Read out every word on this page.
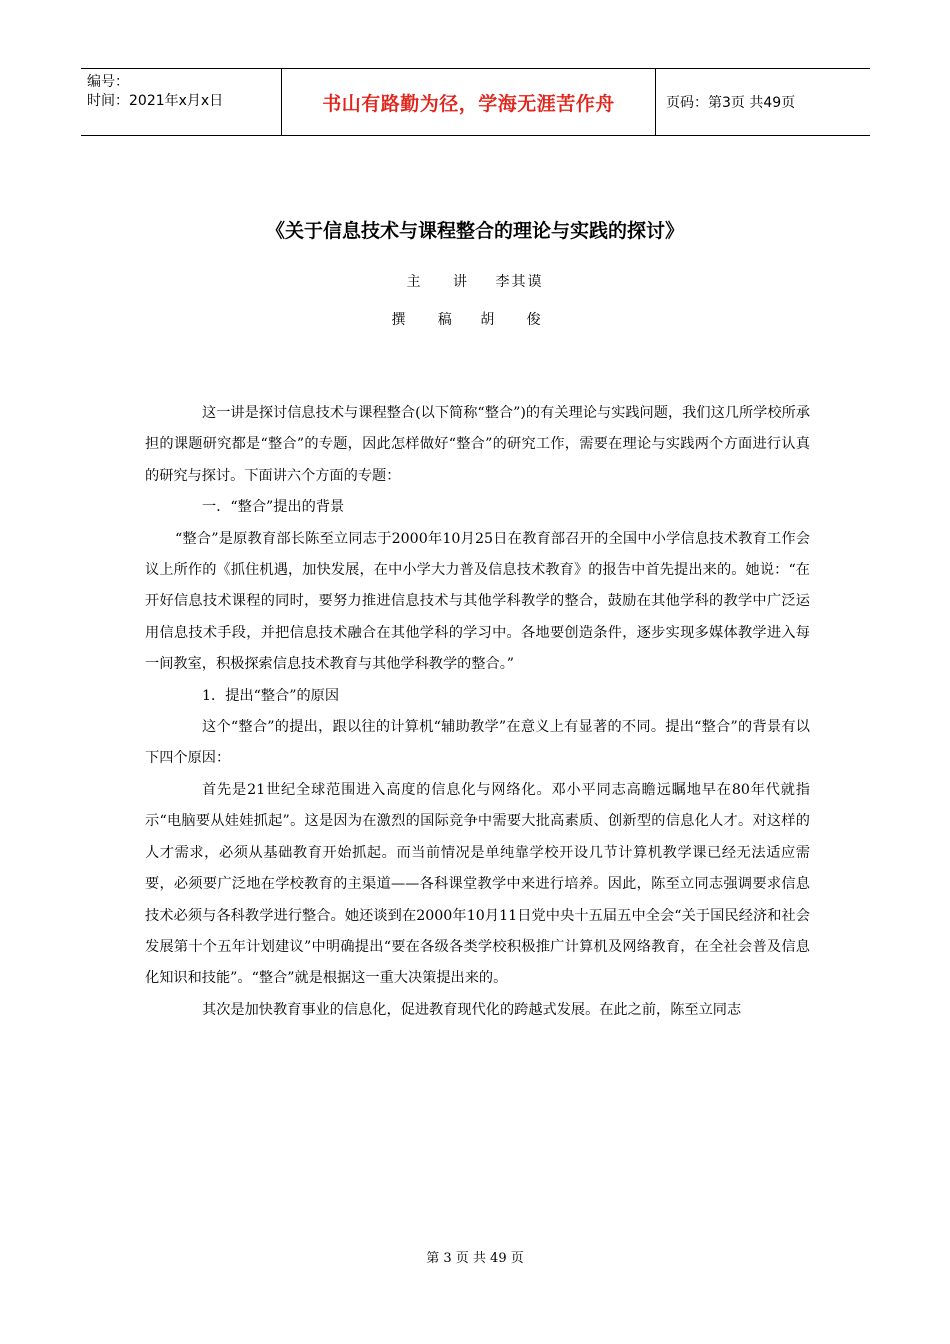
编号：
时间：2021年x月x日	书山有路勤为径，学海无涯苦作舟	页码：第3页 共49页
《关于信息技术与课程整合的理论与实践的探讨》
主 讲 李其谟
撰 稿 胡 俊

这一讲是探讨信息技术与课程整合(以下简称“整合”)的有关理论与实践问题，我们这几所学校所承担的课题研究都是“整合”的专题，因此怎样做好“整合”的研究工作，需要在理论与实践两个方面进行认真的研究与探讨。下面讲六个方面的专题：

一．“整合”提出的背景

“整合”是原教育部长陈至立同志于2000年10月25日在教育部召开的全国中小学信息技术教育工作会议上所作的《抓住机遇，加快发展，在中小学大力普及信息技术教育》的报告中首先提出来的。她说：“在开好信息技术课程的同时，要努力推进信息技术与其他学科教学的整合，鼓励在其他学科的教学中广泛运用信息技术手段，并把信息技术融合在其他学科的学习中。各地要创造条件，逐步实现多媒体教学进入每一间教室，积极探索信息技术教育与其他学科教学的整合。”

1．提出“整合”的原因

这个“整合”的提出，跟以往的计算机“辅助教学”在意义上有显著的不同。提出“整合”的背景有以下四个原因：

首先是21世纪全球范围进入高度的信息化与网络化。邓小平同志高瞻远瞩地早在80年代就指示“电脑要从娃娃抓起”。这是因为在激烈的国际竞争中需要大批高素质、创新型的信息化人才。对这样的人才需求，必须从基础教育开始抓起。而当前情况是单纯靠学校开设几节计算机教学课已经无法适应需要，必须要广泛地在学校教育的主渠道——各科课堂教学中来进行培养。因此，陈至立同志强调要求信息技术必须与各科教学进行整合。她还谈到在2000年10月11日党中央十五届五中全会“关于国民经济和社会发展第十个五年计划建议”中明确提出“要在各级各类学校积极推广计算机及网络教育，在全社会普及信息化知识和技能”。“整合”就是根据这一重大决策提出来的。

其次是加快教育事业的信息化，促进教育现代化的跨越式发展。在此之前，陈至立同志

第 3 页 共 49 页
